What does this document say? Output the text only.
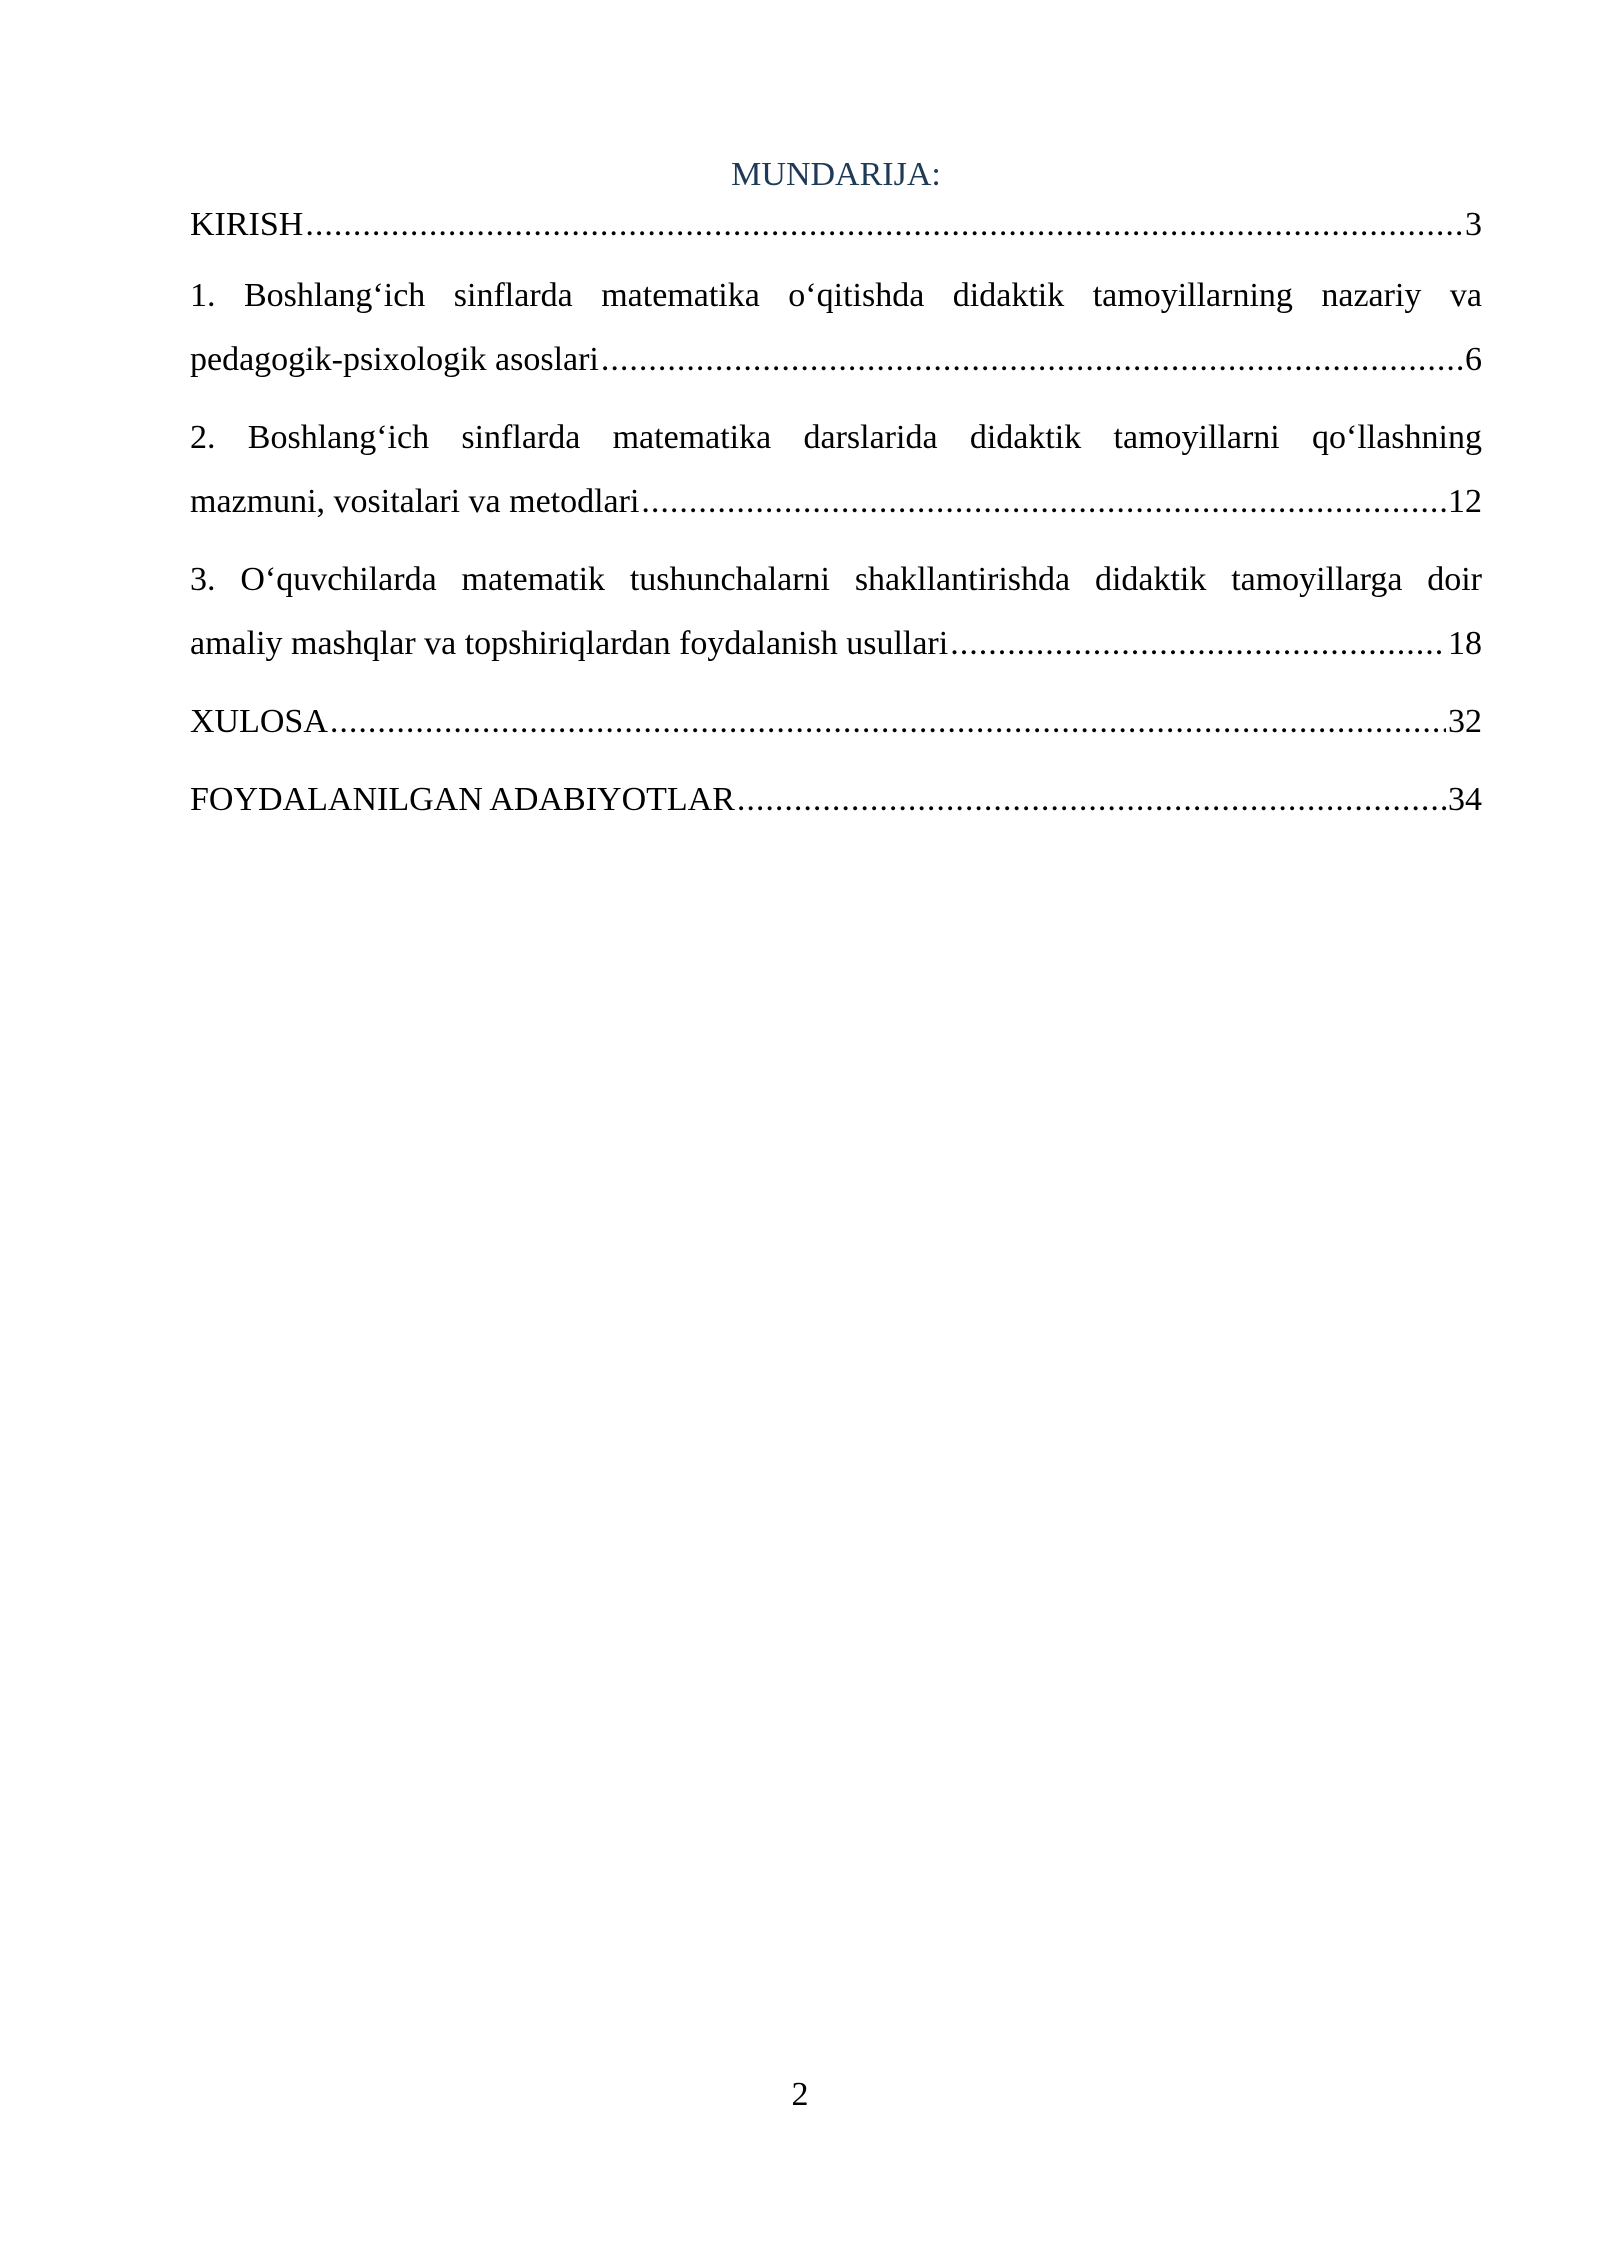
MUNDARIJA:
KIRISH .....	3
1. Boshlang‘ich sinflarda matematika o‘qitishda didaktik tamoyillarning nazariy va
pedagogik-psixologik asoslari .....	6
2. Boshlang‘ich sinflarda matematika darslarida didaktik tamoyillarni qo‘llashning
mazmuni, vositalari va metodlari .....	12
3. O‘quvchilarda matematik tushunchalarni shakllantirishda didaktik tamoyillarga doir
amaliy mashqlar va topshiriqlardan foydalanish usullari .....	18
XULOSA .....	32
FOYDALANILGAN ADABIYOTLAR .....	34
2
